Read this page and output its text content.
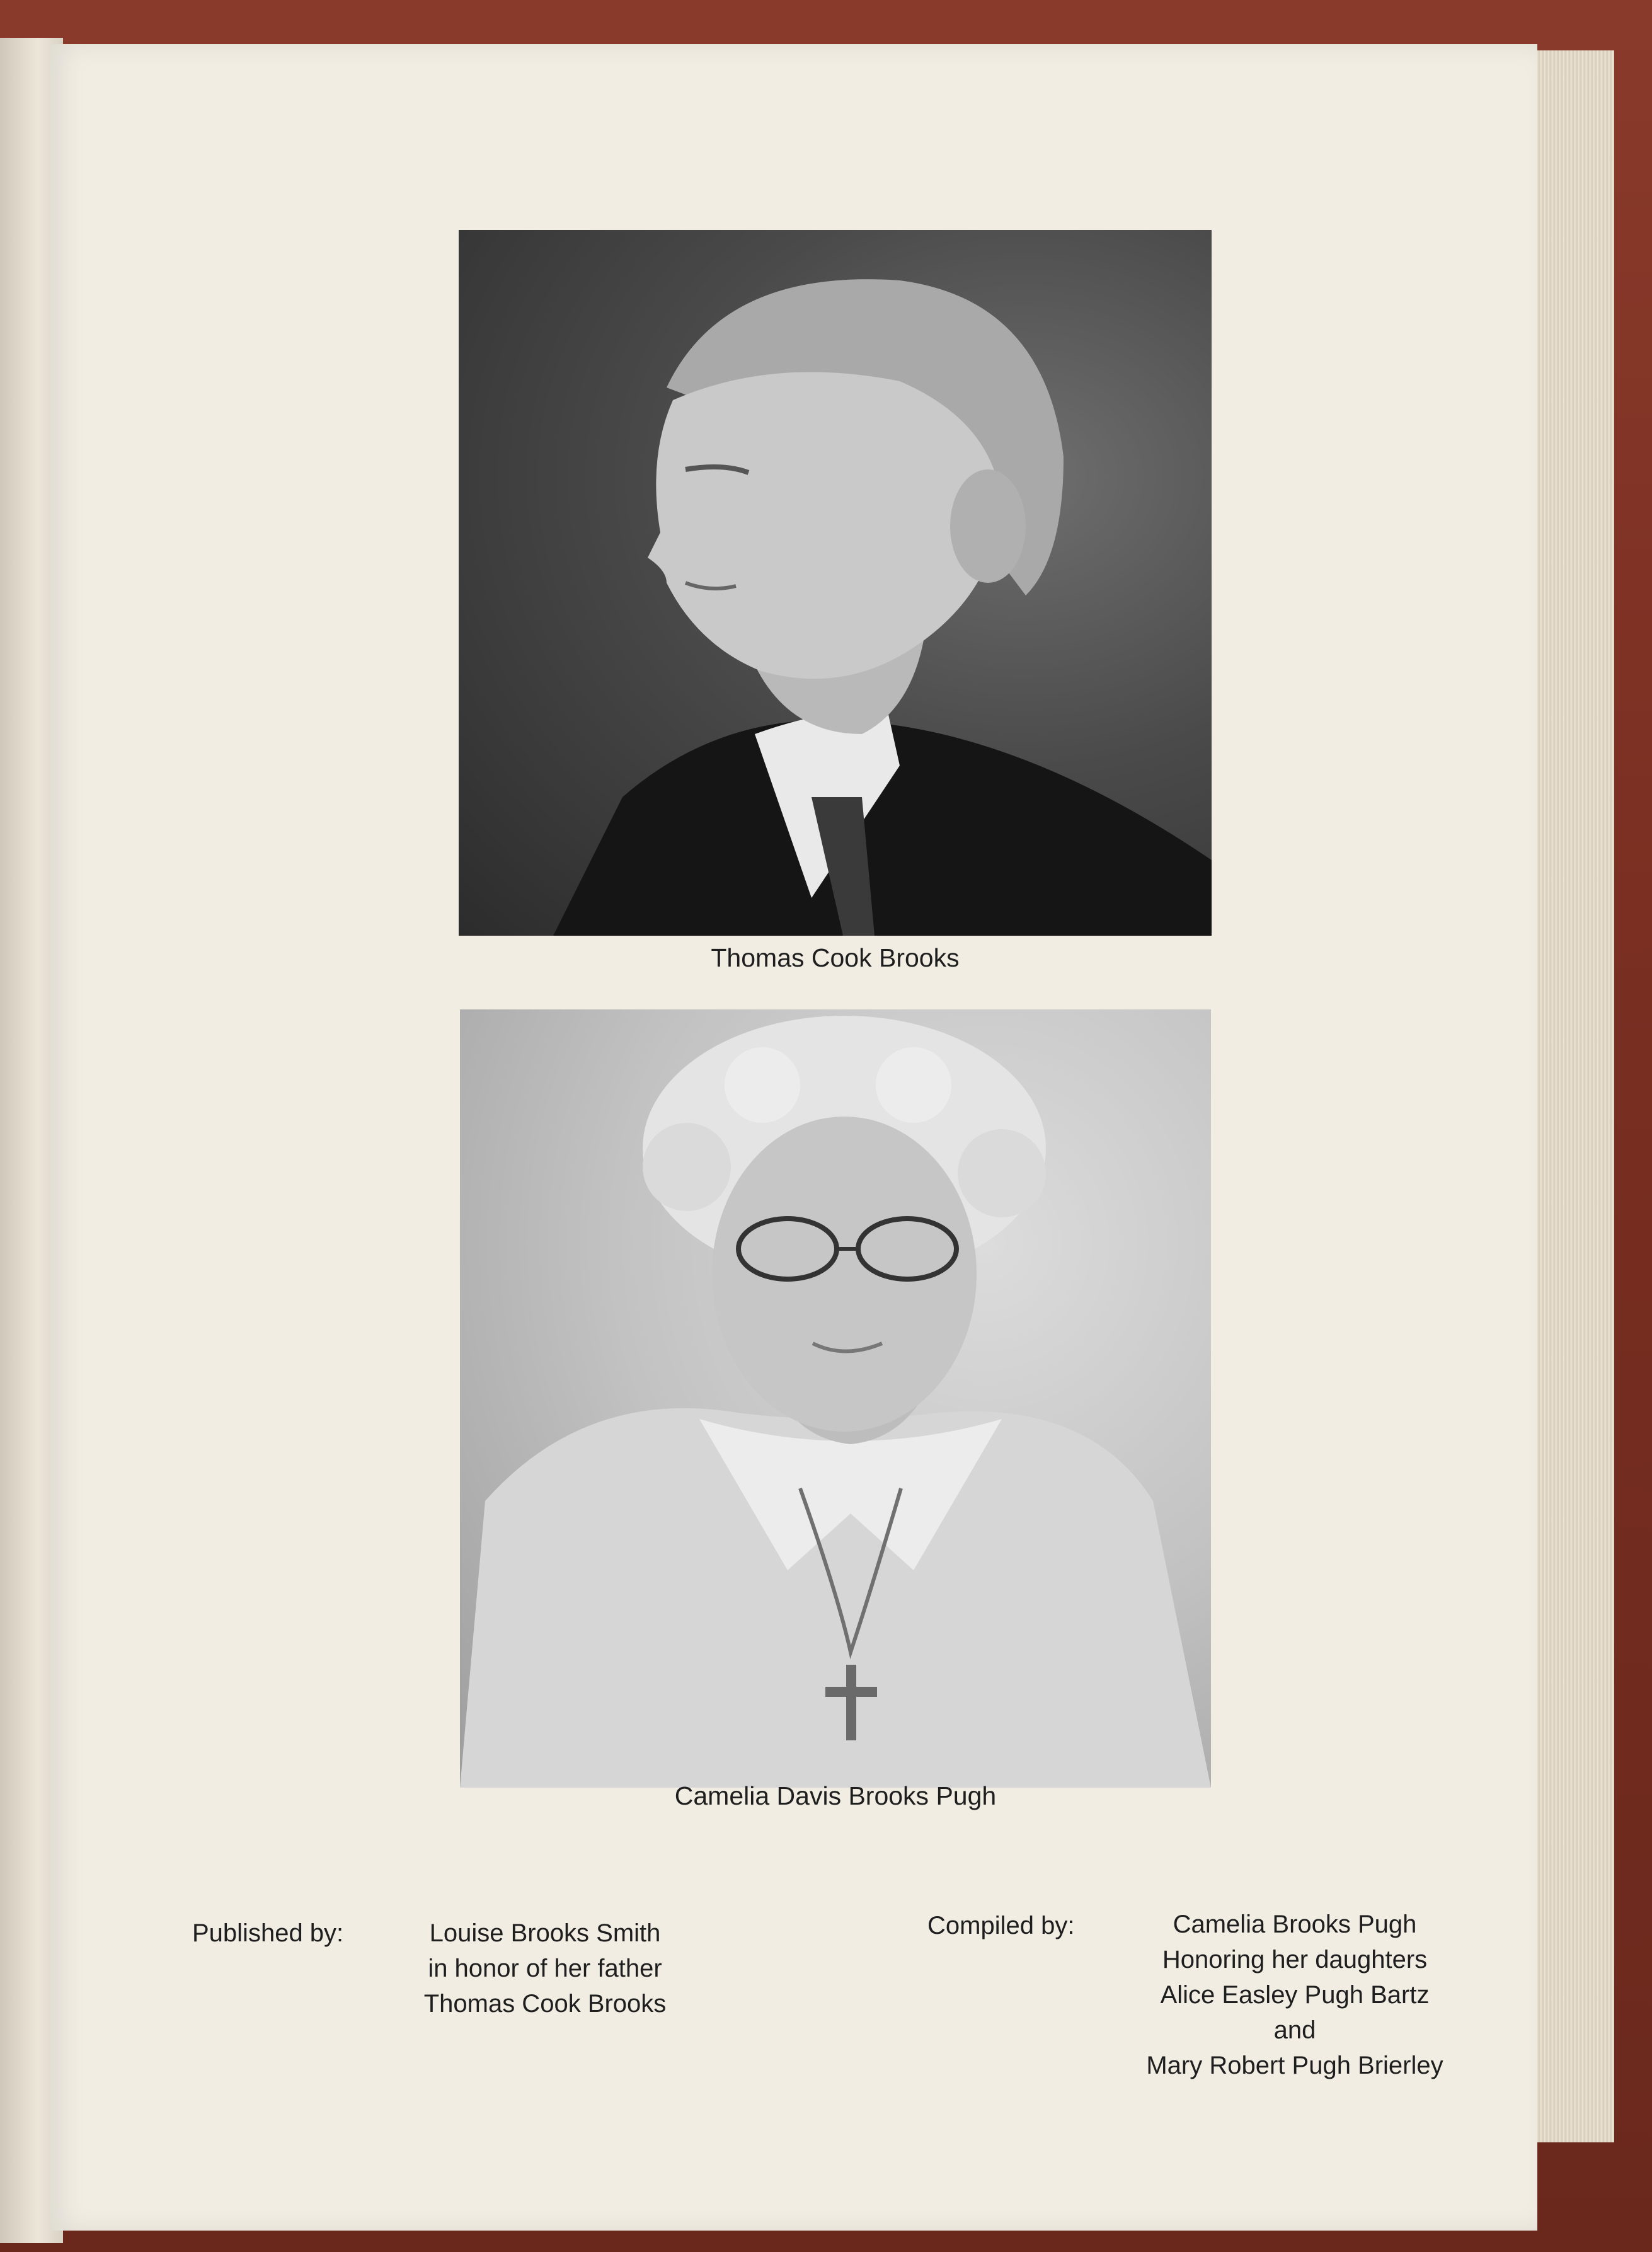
Thomas Cook Brooks
Camelia Davis Brooks Pugh
Published by:	Louise Brooks Smith
in honor of her father
Thomas Cook Brooks
Compiled by:	Camelia Brooks Pugh
Honoring her daughters
Alice Easley Pugh Bartz
and
Mary Robert Pugh Brierley
